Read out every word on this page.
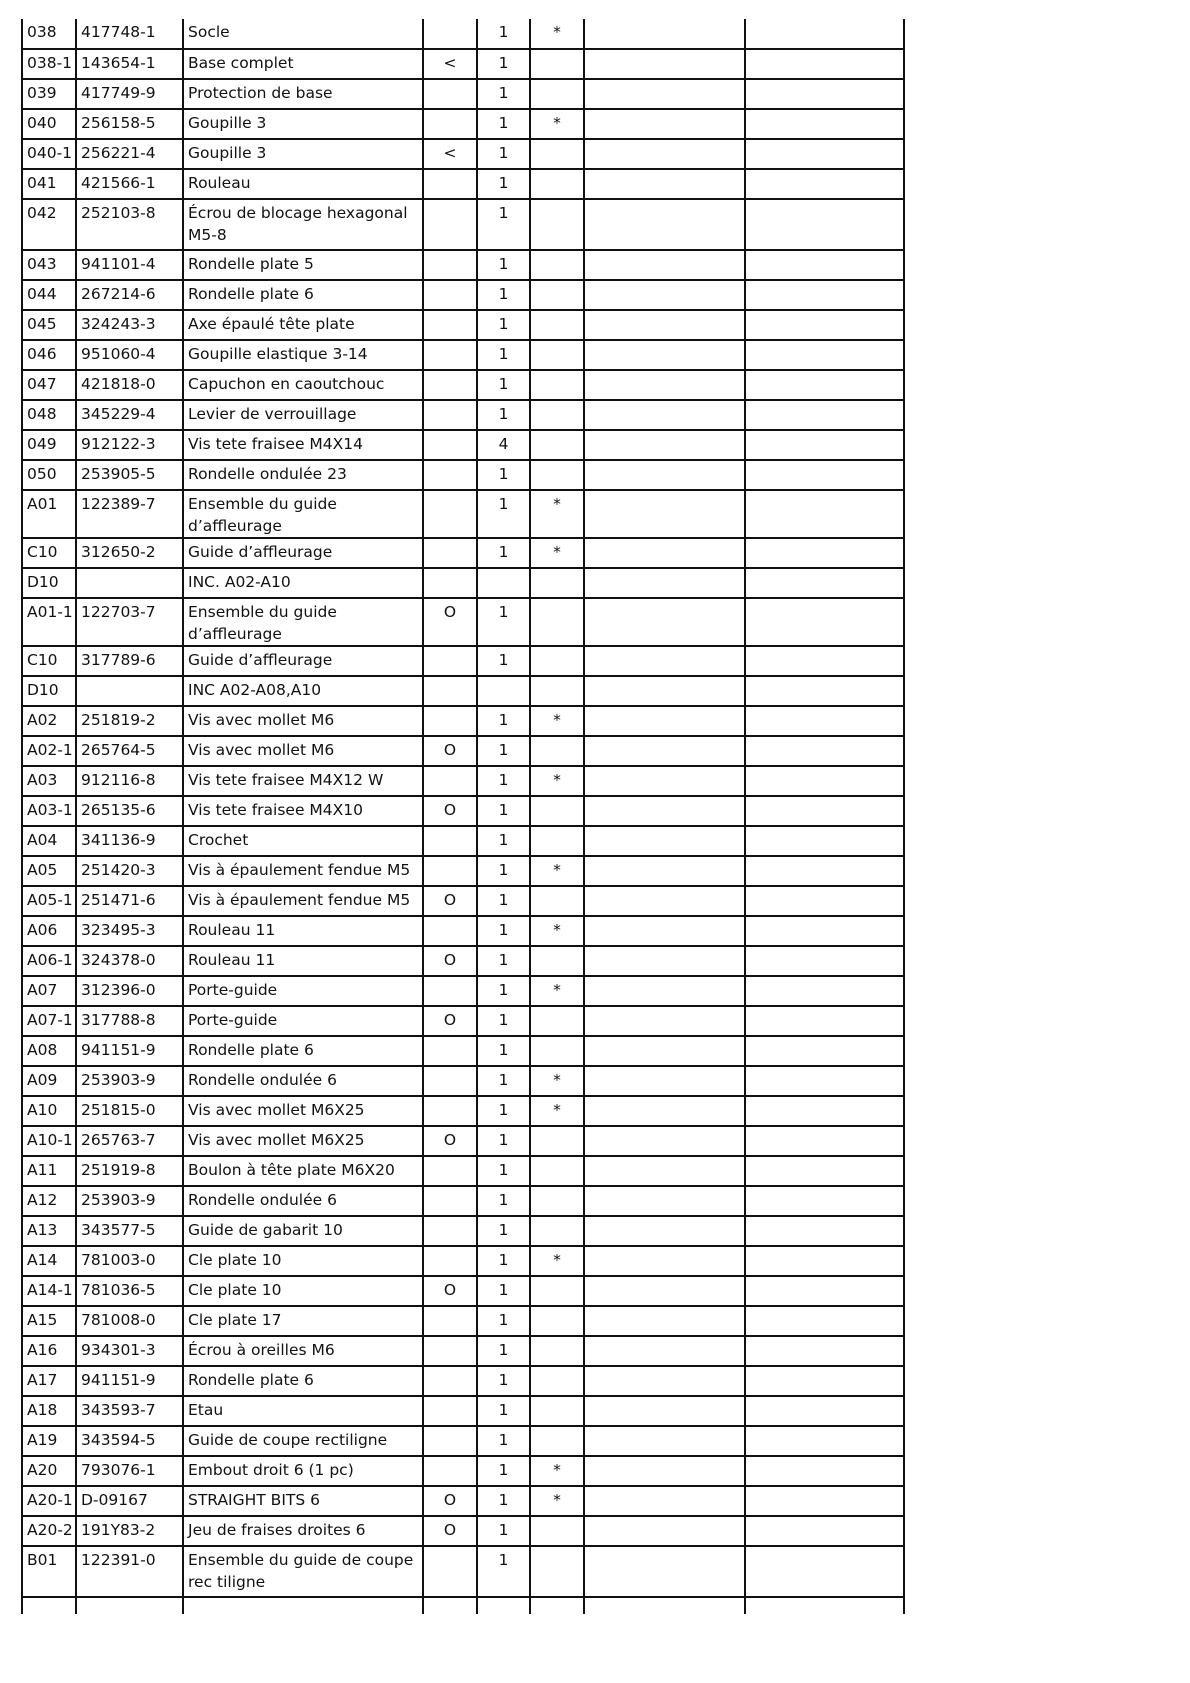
038	417748-1	Socle		1	*		
038-1	143654-1	Base complet	<	1			
039	417749-9	Protection de base		1			
040	256158-5	Goupille 3		1	*		
040-1	256221-4	Goupille 3	<	1			
041	421566-1	Rouleau		1			
042	252103-8	Écrou de blocage hexagonal M5-8		1			
043	941101-4	Rondelle plate 5		1			
044	267214-6	Rondelle plate 6		1			
045	324243-3	Axe épaulé tête plate		1			
046	951060-4	Goupille elastique 3-14		1			
047	421818-0	Capuchon en caoutchouc		1			
048	345229-4	Levier de verrouillage		1			
049	912122-3	Vis tete fraisee M4X14		4			
050	253905-5	Rondelle ondulée 23		1			
A01	122389-7	Ensemble du guide d’affleurage		1	*		
C10	312650-2	Guide d’affleurage		1	*		
D10		INC. A02-A10					
A01-1	122703-7	Ensemble du guide d’affleurage	O	1			
C10	317789-6	Guide d’affleurage		1			
D10		INC A02-A08,A10					
A02	251819-2	Vis avec mollet M6		1	*		
A02-1	265764-5	Vis avec mollet M6	O	1			
A03	912116-8	Vis tete fraisee M4X12 W		1	*		
A03-1	265135-6	Vis tete fraisee M4X10	O	1			
A04	341136-9	Crochet		1			
A05	251420-3	Vis à épaulement fendue M5		1	*		
A05-1	251471-6	Vis à épaulement fendue M5	O	1			
A06	323495-3	Rouleau 11		1	*		
A06-1	324378-0	Rouleau 11	O	1			
A07	312396-0	Porte-guide		1	*		
A07-1	317788-8	Porte-guide	O	1			
A08	941151-9	Rondelle plate 6		1			
A09	253903-9	Rondelle ondulée 6		1	*		
A10	251815-0	Vis avec mollet M6X25		1	*		
A10-1	265763-7	Vis avec mollet M6X25	O	1			
A11	251919-8	Boulon à tête plate M6X20		1			
A12	253903-9	Rondelle ondulée 6		1			
A13	343577-5	Guide de gabarit 10		1			
A14	781003-0	Cle plate 10		1	*		
A14-1	781036-5	Cle plate 10	O	1			
A15	781008-0	Cle plate 17		1			
A16	934301-3	Écrou à oreilles M6		1			
A17	941151-9	Rondelle plate 6		1			
A18	343593-7	Etau		1			
A19	343594-5	Guide de coupe rectiligne		1			
A20	793076-1	Embout droit 6 (1 pc)		1	*		
A20-1	D-09167	STRAIGHT BITS 6	O	1	*		
A20-2	191Y83-2	Jeu de fraises droites 6	O	1			
B01	122391-0	Ensemble du guide de coupe rec tiligne		1			
